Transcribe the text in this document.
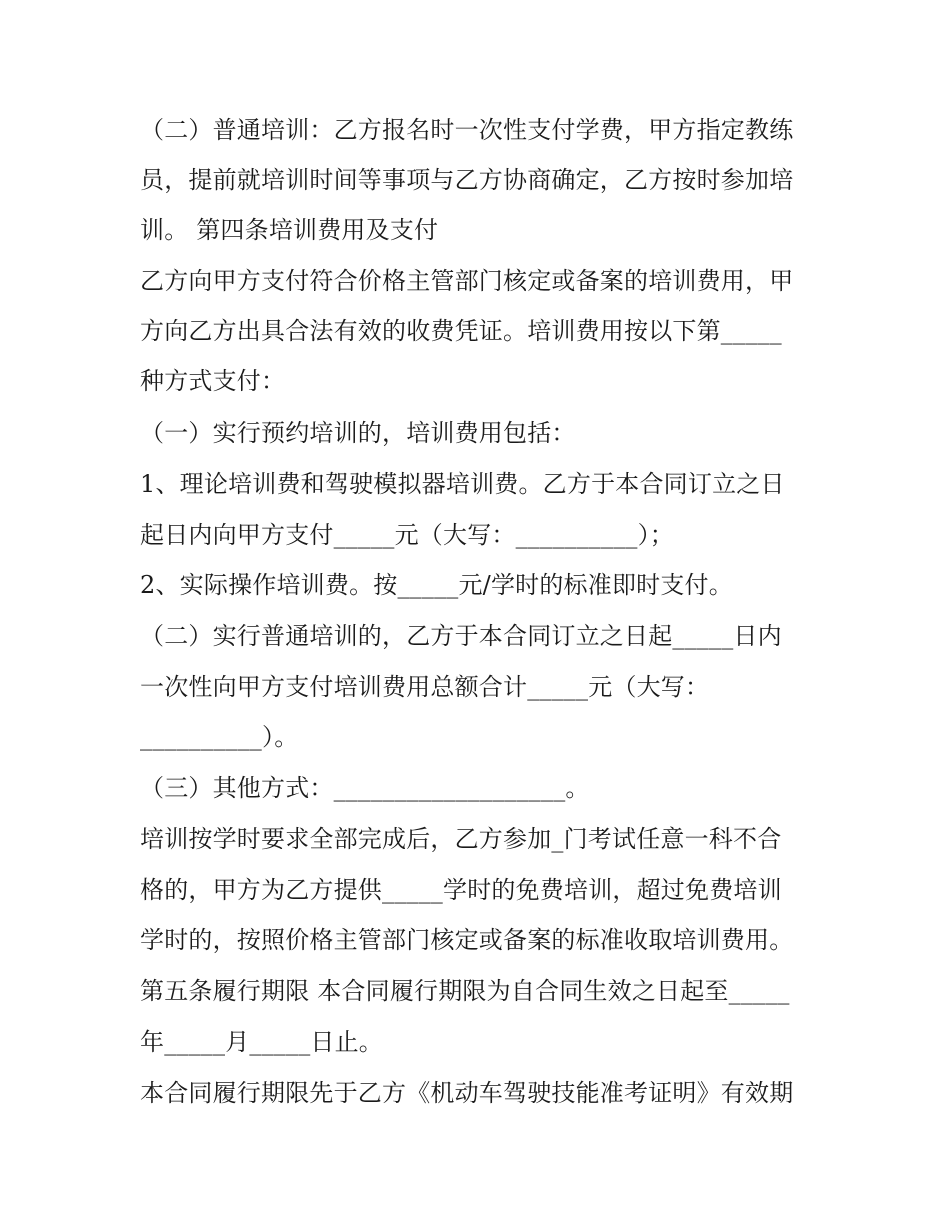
（二）普通培训：乙方报名时一次性支付学费，甲方指定教练
员，提前就培训时间等事项与乙方协商确定，乙方按时参加培
训。 第四条培训费用及支付
乙方向甲方支付符合价格主管部门核定或备案的培训费用，甲
方向乙方出具合法有效的收费凭证。培训费用按以下第_____
种方式支付：
（一）实行预约培训的，培训费用包括：
1、理论培训费和驾驶模拟器培训费。乙方于本合同订立之日
起日内向甲方支付_____元（大写：__________）；
2、实际操作培训费。按_____元/学时的标准即时支付。
（二）实行普通培训的，乙方于本合同订立之日起_____日内
一次性向甲方支付培训费用总额合计_____元（大写：
__________）。
（三）其他方式：___________________。
培训按学时要求全部完成后，乙方参加_门考试任意一科不合
格的，甲方为乙方提供_____学时的免费培训，超过免费培训
学时的，按照价格主管部门核定或备案的标准收取培训费用。
第五条履行期限 本合同履行期限为自合同生效之日起至_____
年_____月_____日止。
本合同履行期限先于乙方《机动车驾驶技能准考证明》有效期
